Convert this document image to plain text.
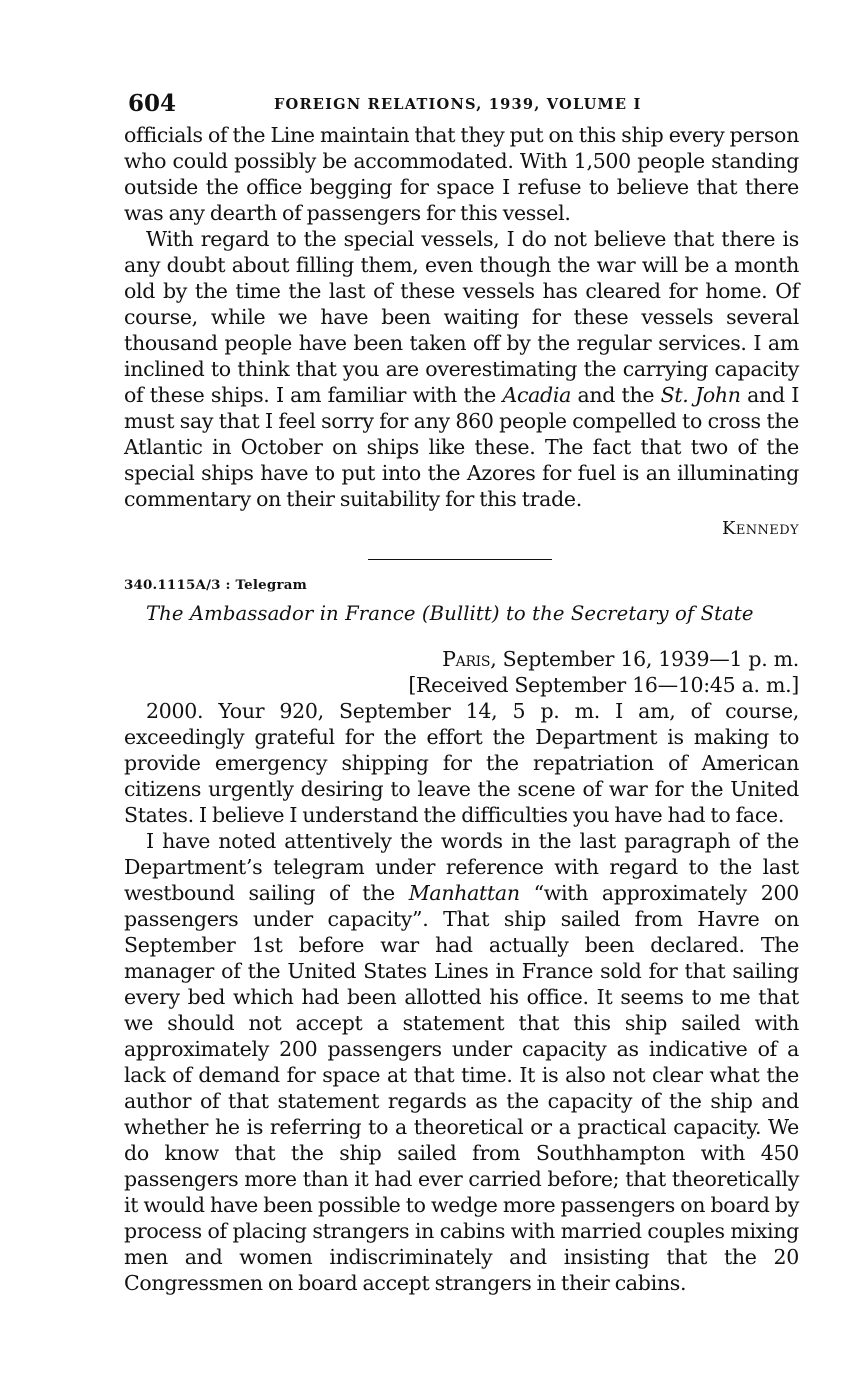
604	FOREIGN RELATIONS, 1939, VOLUME I

officials of the Line maintain that they put on this ship every person who could possibly be accommodated. With 1,500 people standing outside the office begging for space I refuse to believe that there was any dearth of passengers for this vessel.

With regard to the special vessels, I do not believe that there is any doubt about filling them, even though the war will be a month old by the time the last of these vessels has cleared for home. Of course, while we have been waiting for these vessels several thousand people have been taken off by the regular services. I am inclined to think that you are overestimating the carrying capacity of these ships. I am familiar with the Acadia and the St. John and I must say that I feel sorry for any 860 people compelled to cross the Atlantic in October on ships like these. The fact that two of the special ships have to put into the Azores for fuel is an illuminating commentary on their suitability for this trade.

Kennedy
340.1115A/3 : Telegram
The Ambassador in France (Bullitt) to the Secretary of State
Paris, September 16, 1939—1 p. m.
[Received September 16—10:45 a. m.]

2000. Your 920, September 14, 5 p. m. I am, of course, exceedingly grateful for the effort the Department is making to provide emergency shipping for the repatriation of American citizens urgently desiring to leave the scene of war for the United States. I believe I understand the difficulties you have had to face.

I have noted attentively the words in the last paragraph of the Department’s telegram under reference with regard to the last westbound sailing of the Manhattan “with approximately 200 passengers under capacity”. That ship sailed from Havre on September 1st before war had actually been declared. The manager of the United States Lines in France sold for that sailing every bed which had been allotted his office. It seems to me that we should not accept a statement that this ship sailed with approximately 200 passengers under capacity as indicative of a lack of demand for space at that time. It is also not clear what the author of that statement regards as the capacity of the ship and whether he is referring to a theoretical or a practical capacity. We do know that the ship sailed from Southhampton with 450 passengers more than it had ever carried before; that theoretically it would have been possible to wedge more passengers on board by process of placing strangers in cabins with married couples mixing men and women indiscriminately and insisting that the 20 Congressmen on board accept strangers in their cabins.
